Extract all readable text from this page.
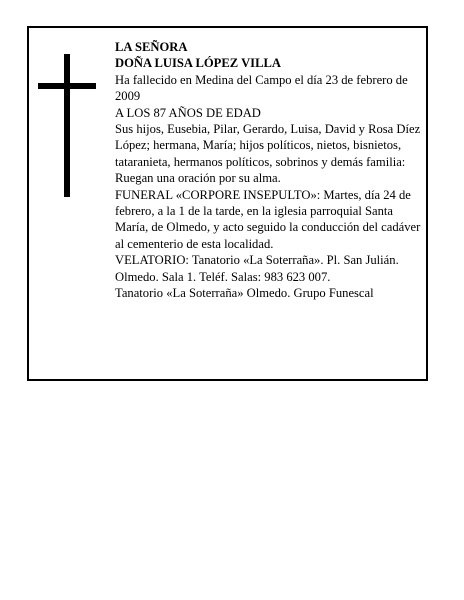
LA SEÑORA

DOÑA LUISA LÓPEZ VILLA

Ha fallecido en Medina del Campo el día 23 de febrero de 2009

A LOS 87 AÑOS DE EDAD

Sus hijos, Eusebia, Pilar, Gerardo, Luisa, David y Rosa Díez López; hermana, María; hijos políticos, nietos, bisnietos, tataranieta, hermanos políticos, sobrinos y demás familia:

Ruegan una oración por su alma.

FUNERAL «CORPORE INSEPULTO»: Martes, día 24 de febrero, a la 1 de la tarde, en la iglesia parroquial Santa María, de Olmedo, y acto seguido la conducción del cadáver al cementerio de esta localidad.

VELATORIO: Tanatorio «La Soterraña». Pl. San Julián. Olmedo. Sala 1. Teléf. Salas: 983 623 007.

Tanatorio «La Soterraña» Olmedo. Grupo Funescal
